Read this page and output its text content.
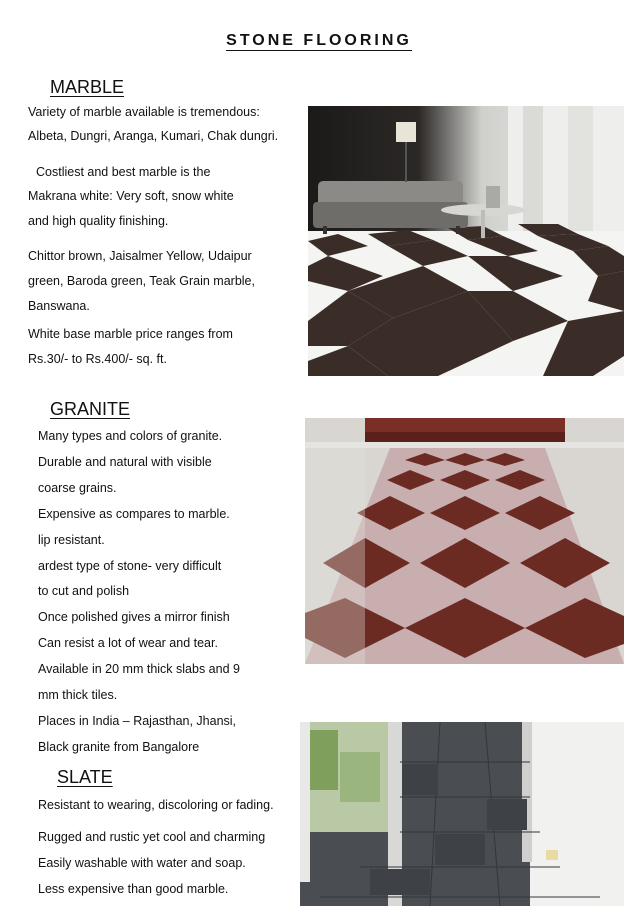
STONE FLOORING
MARBLE
Variety of marble available is tremendous:
Albeta, Dungri, Aranga, Kumari, Chak dungri.
Costliest and best marble is the
Makrana white: Very soft, snow white
and high quality finishing.
Chittor brown, Jaisalmer Yellow, Udaipur
green, Baroda green, Teak Grain marble,
Banswana.
White base marble price ranges from
Rs.30/- to Rs.400/- sq. ft.
GRANITE
Many types and colors of granite.
Durable and natural with visible
coarse grains.
Expensive as compares to marble.
lip resistant.
ardest type of stone- very difficult
to cut and polish
Once polished gives a mirror finish
Can resist a lot of wear and tear.
Available in 20 mm thick slabs and 9
mm thick tiles.
Places in India – Rajasthan, Jhansi,
Black granite from Bangalore
SLATE
Resistant to wearing, discoloring or fading.
Rugged and rustic yet cool and charming
Easily washable with water and soap.
Less expensive than good marble.
